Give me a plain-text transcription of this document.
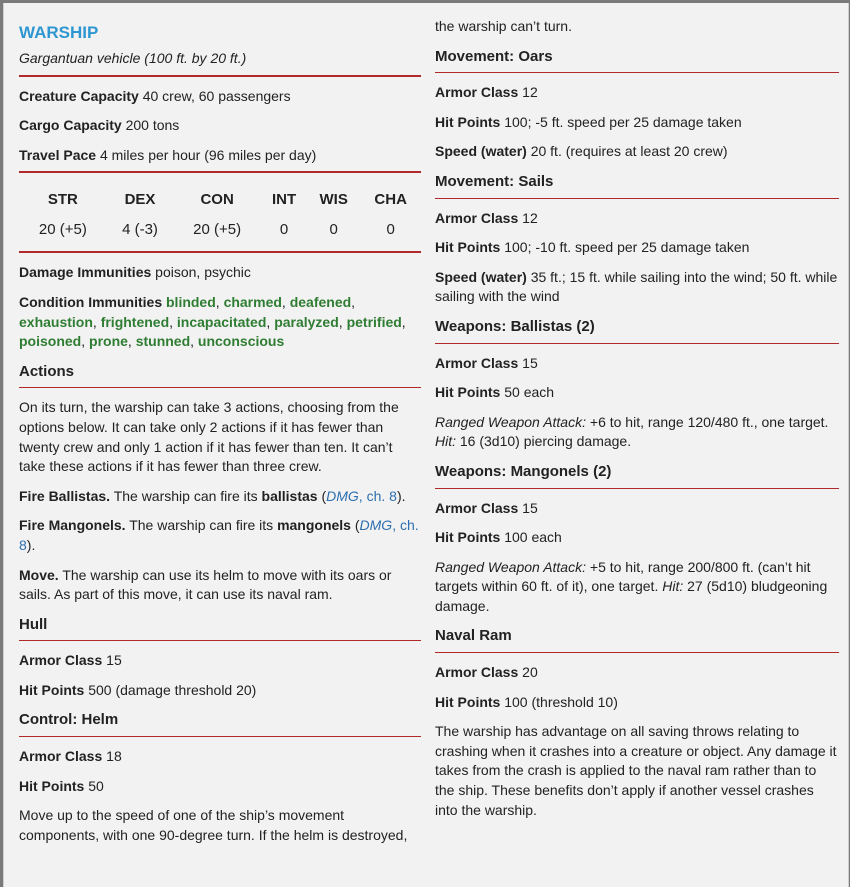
WARSHIP
Gargantuan vehicle (100 ft. by 20 ft.)
Creature Capacity 40 crew, 60 passengers
Cargo Capacity 200 tons
Travel Pace 4 miles per hour (96 miles per day)
STR	DEX	CON	INT	WIS	CHA
20 (+5)	4 (-3)	20 (+5)	0	0	0
Damage Immunities poison, psychic
Condition Immunities blinded, charmed, deafened, exhaustion, frightened, incapacitated, paralyzed, petrified, poisoned, prone, stunned, unconscious
Actions
On its turn, the warship can take 3 actions, choosing from the options below. It can take only 2 actions if it has fewer than twenty crew and only 1 action if it has fewer than ten. It can’t take these actions if it has fewer than three crew.
Fire Ballistas. The warship can fire its ballistas (DMG, ch. 8).
Fire Mangonels. The warship can fire its mangonels (DMG, ch. 8).
Move. The warship can use its helm to move with its oars or sails. As part of this move, it can use its naval ram.
Hull
Armor Class 15
Hit Points 500 (damage threshold 20)
Control: Helm
Armor Class 18
Hit Points 50
Move up to the speed of one of the ship’s movement components, with one 90-degree turn. If the helm is destroyed,
the warship can’t turn.
Movement: Oars
Armor Class 12
Hit Points 100; -5 ft. speed per 25 damage taken
Speed (water) 20 ft. (requires at least 20 crew)
Movement: Sails
Armor Class 12
Hit Points 100; -10 ft. speed per 25 damage taken
Speed (water) 35 ft.; 15 ft. while sailing into the wind; 50 ft. while sailing with the wind
Weapons: Ballistas (2)
Armor Class 15
Hit Points 50 each
Ranged Weapon Attack: +6 to hit, range 120/480 ft., one target. Hit: 16 (3d10) piercing damage.
Weapons: Mangonels (2)
Armor Class 15
Hit Points 100 each
Ranged Weapon Attack: +5 to hit, range 200/800 ft. (can’t hit targets within 60 ft. of it), one target. Hit: 27 (5d10) bludgeoning damage.
Naval Ram
Armor Class 20
Hit Points 100 (threshold 10)
The warship has advantage on all saving throws relating to crashing when it crashes into a creature or object. Any damage it takes from the crash is applied to the naval ram rather than to the ship. These benefits don’t apply if another vessel crashes into the warship.
